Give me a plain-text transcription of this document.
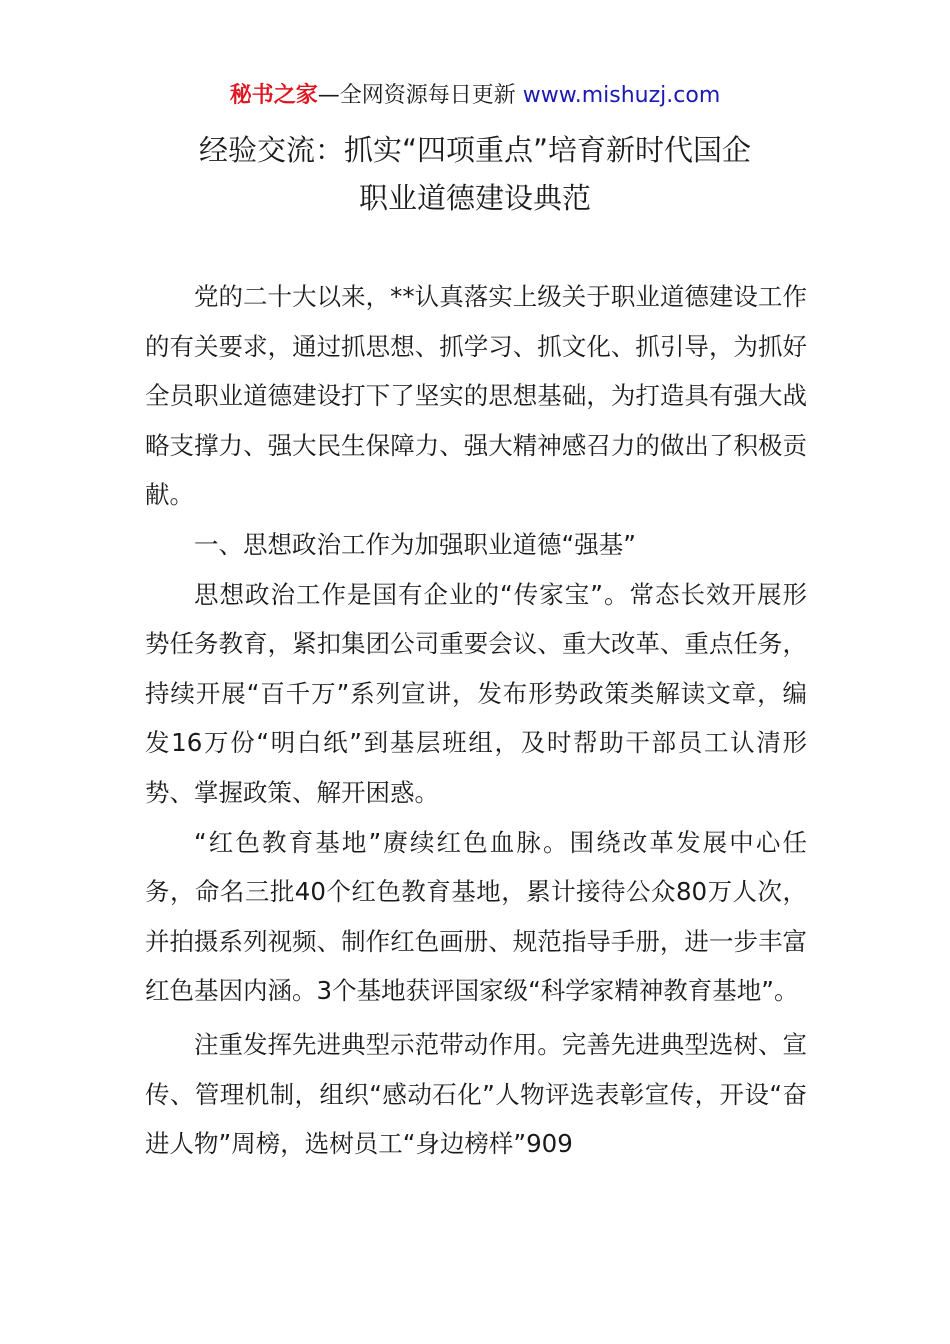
秘书之家—全网资源每日更新 www.mishuzj.com
经验交流：抓实“四项重点”培育新时代国企
职业道德建设典范

党的二十大以来，**认真落实上级关于职业道德建设工作的有关要求，通过抓思想、抓学习、抓文化、抓引导，为抓好全员职业道德建设打下了坚实的思想基础，为打造具有强大战略支撑力、强大民生保障力、强大精神感召力的做出了积极贡献。

一、思想政治工作为加强职业道德“强基”

思想政治工作是国有企业的“传家宝”。常态长效开展形势任务教育，紧扣集团公司重要会议、重大改革、重点任务，持续开展“百千万”系列宣讲，发布形势政策类解读文章，编发16万份“明白纸”到基层班组，及时帮助干部员工认清形势、掌握政策、解开困惑。

“红色教育基地”赓续红色血脉。围绕改革发展中心任务，命名三批40个红色教育基地，累计接待公众80万人次，并拍摄系列视频、制作红色画册、规范指导手册，进一步丰富红色基因内涵。3个基地获评国家级“科学家精神教育基地”。

注重发挥先进典型示范带动作用。完善先进典型选树、宣传、管理机制，组织“感动石化”人物评选表彰宣传，开设“奋进人物”周榜，选树员工“身边榜样”909
